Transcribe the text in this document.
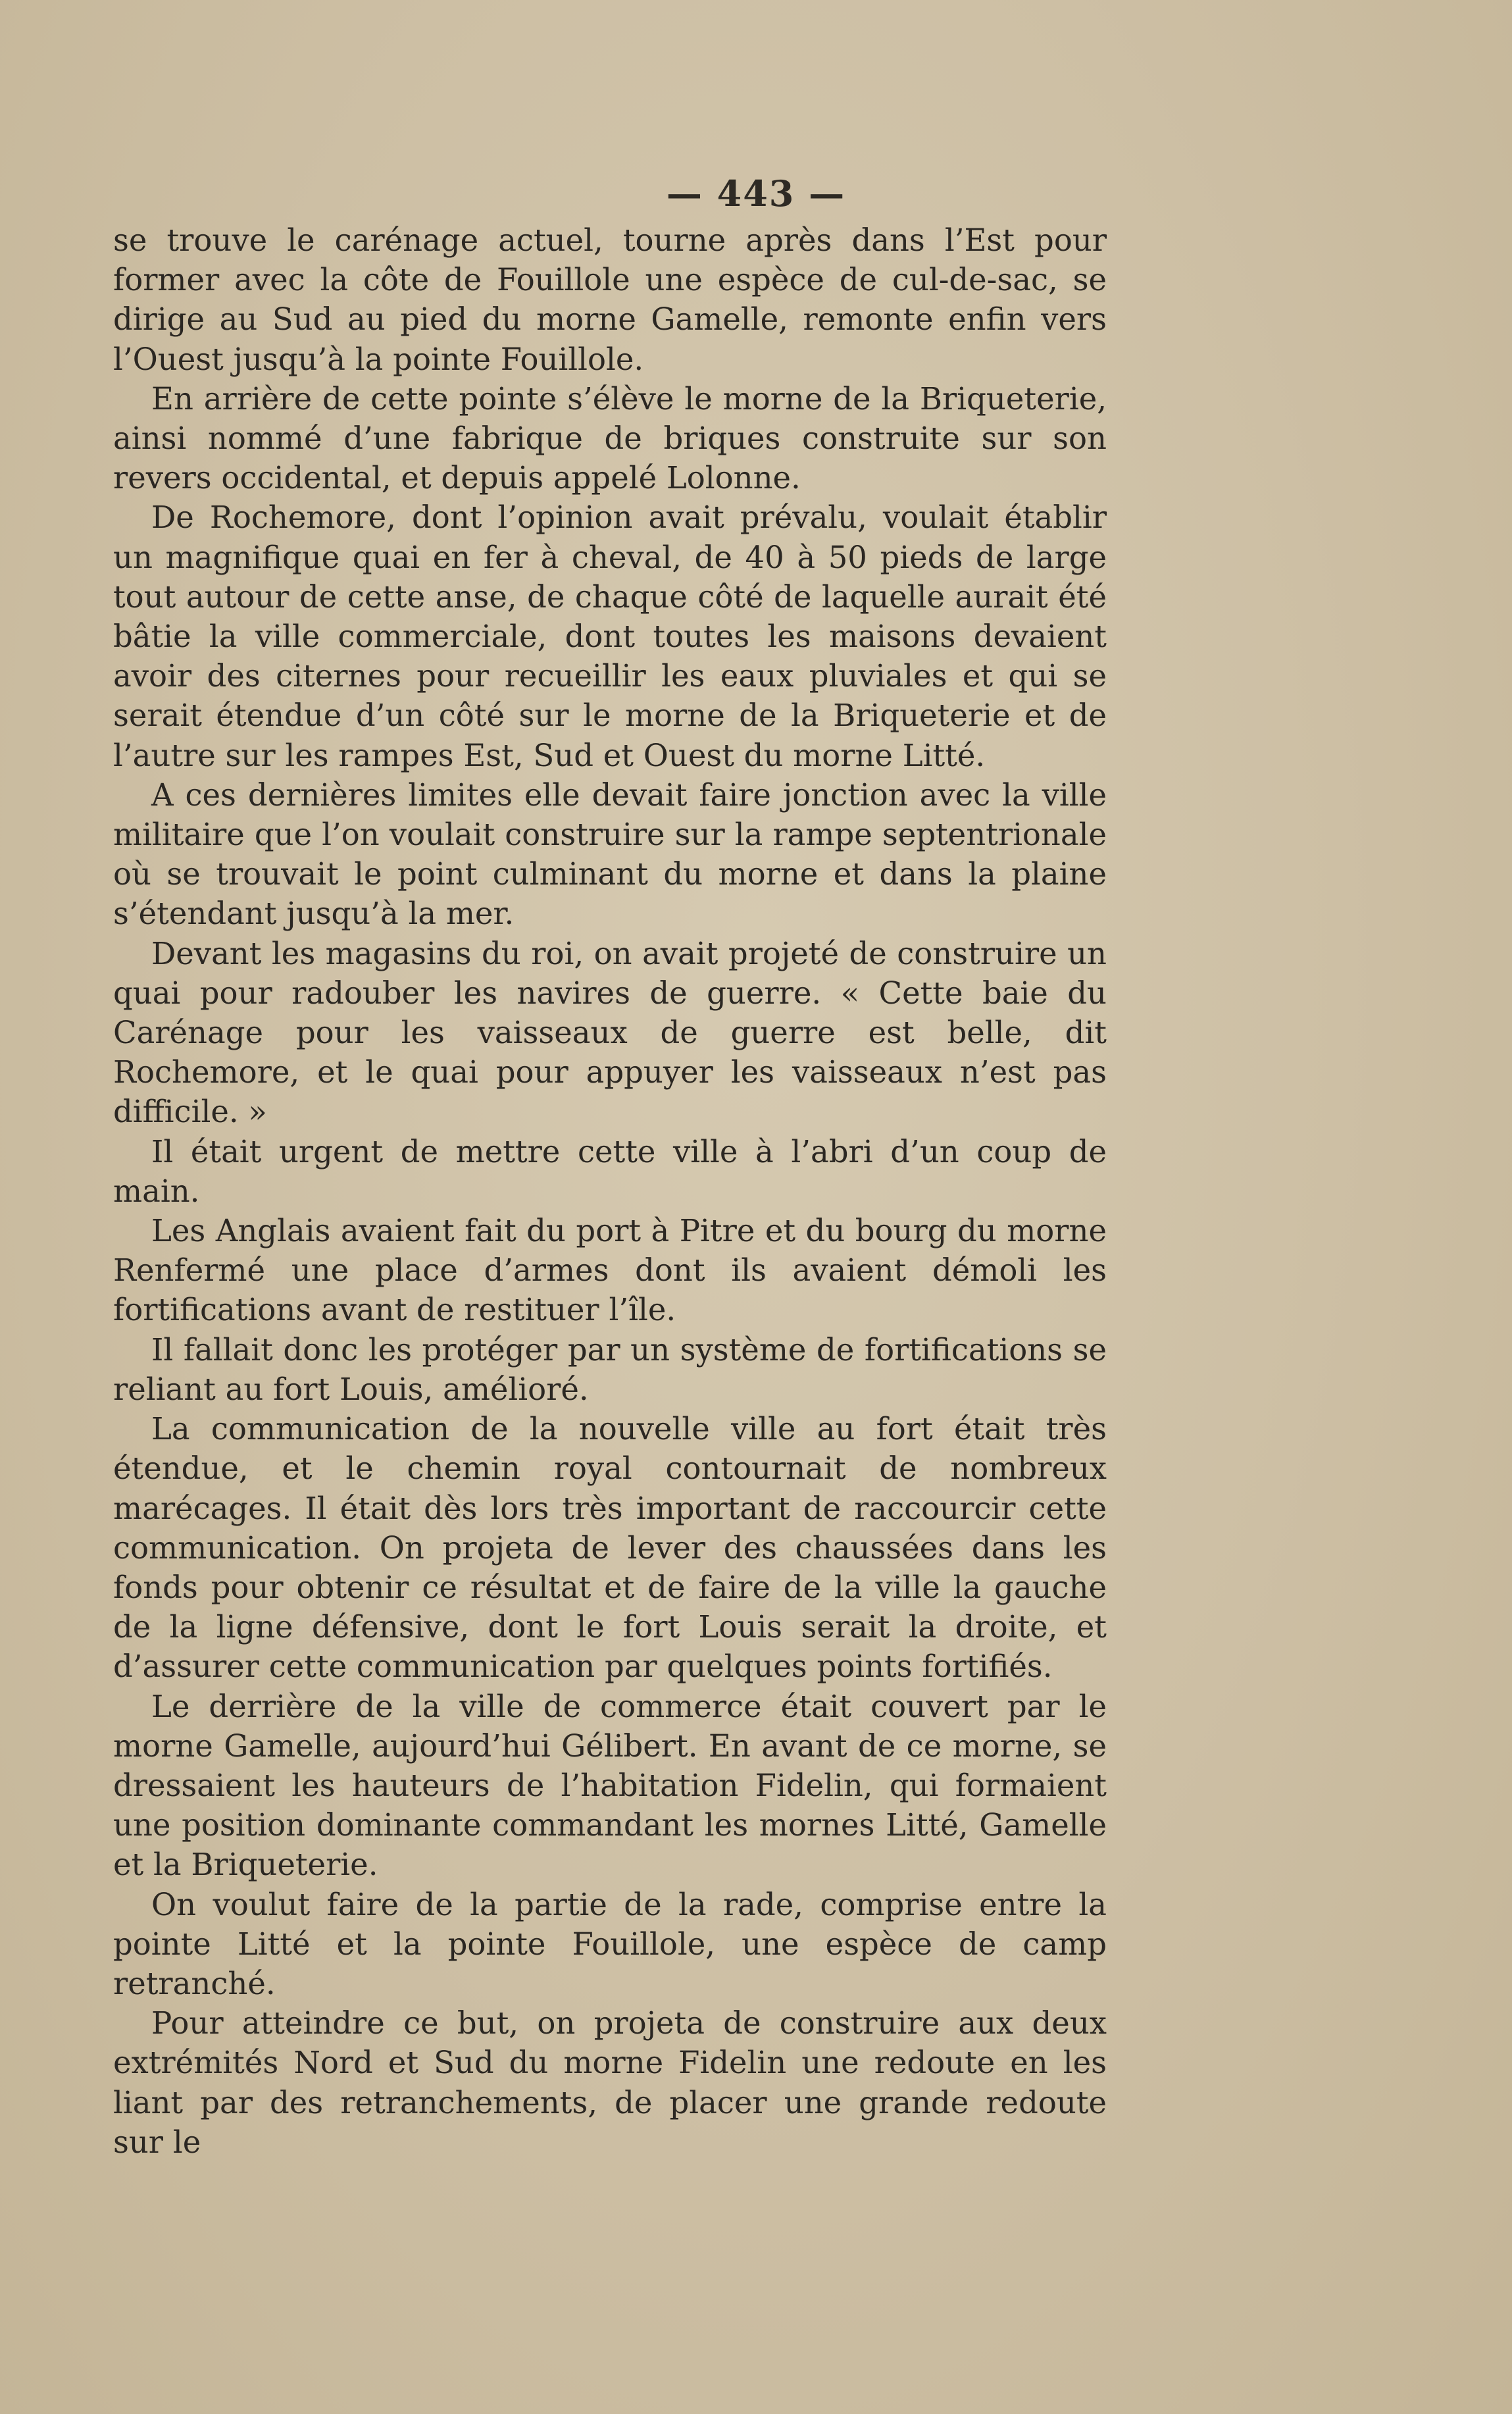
— 443 —

se trouve le carénage actuel, tourne après dans l’Est pour former avec la côte de Fouillole une espèce de cul-de-sac, se dirige au Sud au pied du morne Gamelle, remonte enfin vers l’Ouest jusqu’à la pointe Fouillole.

En arrière de cette pointe s’élève le morne de la Briqueterie, ainsi nommé d’une fabrique de briques construite sur son revers occidental, et depuis appelé Lolonne.

De Rochemore, dont l’opinion avait prévalu, voulait établir un magnifique quai en fer à cheval, de 40 à 50 pieds de large tout autour de cette anse, de chaque côté de laquelle aurait été bâtie la ville commerciale, dont toutes les maisons devaient avoir des citernes pour recueillir les eaux pluviales et qui se serait étendue d’un côté sur le morne de la Briqueterie et de l’autre sur les rampes Est, Sud et Ouest du morne Litté.

A ces dernières limites elle devait faire jonction avec la ville militaire que l’on voulait construire sur la rampe septentrionale où se trouvait le point culminant du morne et dans la plaine s’étendant jusqu’à la mer.

Devant les magasins du roi, on avait projeté de construire un quai pour radouber les navires de guerre. « Cette baie du Carénage pour les vaisseaux de guerre est belle, dit Rochemore, et le quai pour appuyer les vaisseaux n’est pas difficile. »

Il était urgent de mettre cette ville à l’abri d’un coup de main.

Les Anglais avaient fait du port à Pitre et du bourg du morne Renfermé une place d’armes dont ils avaient démoli les fortifications avant de restituer l’île.

Il fallait donc les protéger par un système de fortifications se reliant au fort Louis, amélioré.

La communication de la nouvelle ville au fort était très étendue, et le chemin royal contournait de nombreux marécages. Il était dès lors très important de raccourcir cette communication. On projeta de lever des chaussées dans les fonds pour obtenir ce résultat et de faire de la ville la gauche de la ligne défensive, dont le fort Louis serait la droite, et d’assurer cette communication par quelques points fortifiés.

Le derrière de la ville de commerce était couvert par le morne Gamelle, aujourd’hui Gélibert. En avant de ce morne, se dressaient les hauteurs de l’habitation Fidelin, qui formaient une position dominante commandant les mornes Litté, Gamelle et la Briqueterie.

On voulut faire de la partie de la rade, comprise entre la pointe Litté et la pointe Fouillole, une espèce de camp retranché.

Pour atteindre ce but, on projeta de construire aux deux extrémités Nord et Sud du morne Fidelin une redoute en les liant par des retranchements, de placer une grande redoute sur le
